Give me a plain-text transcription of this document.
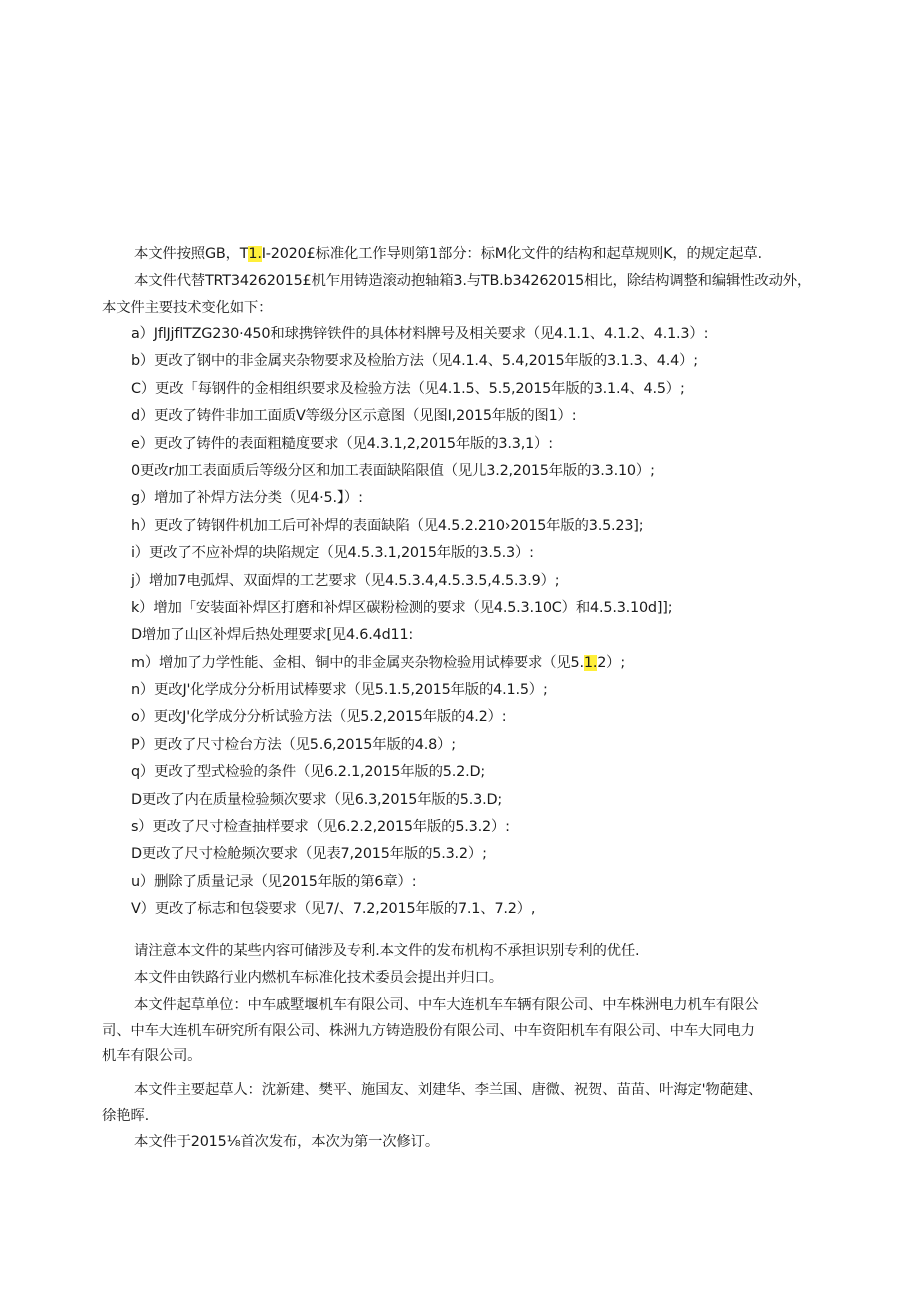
本文件按照GB，T1.I-2020£标准化工作导则第1部分：标M化文件的结构和起草规则K，的规定起草.

本文件代替TRT34262015£机乍用铸造滚动抱轴箱3.与TB.b34262015相比，除结构调整和编辑性改动外，

本文件主要技术变化如下：

a）JflJjflTZG230·450和球携锌铁件的具体材料牌号及相关要求（见4.1.1、4.1.2、4.1.3）:

b）更改了钢中的非金属夹杂物要求及检胎方法（见4.1.4、5.4,2015年版的3.1.3、4.4）;

C）更改「每钢件的金相组织要求及检验方法（见4.1.5、5.5,2015年版的3.1.4、4.5）;

d）更改了铸件非加工面质V等级分区示意图（见图I,2015年版的图1）:

e）更改了铸件的表面粗糙度要求（见4.3.1,2,2015年版的3.3,1）:

0更改r加工表面质后等级分区和加工表面缺陷限值（见儿3.2,2015年版的3.3.10）;

g）增加了补焊方法分类（见4·5.】）:

h）更改了铸钢件机加工后可补焊的表面缺陷（见4.5.2.210›2015年版的3.5.23];

i）更改了不应补焊的块陷规定（见4.5.3.1,2015年版的3.5.3）:

j）增加7电弧焊、双面焊的工艺要求（见4.5.3.4,4.5.3.5,4.5.3.9）;

k）增加「安装面补焊区打磨和补焊区碳粉检测的要求（见4.5.3.10C）和4.5.3.10d]];

D增加了山区补焊后热处理要求[见4.6.4d11:

m）增加了力学性能、金相、铜中的非金属夹杂物检验用试棒要求（见5.1.2）;

n）更改J'化学成分分析用试棒要求（见5.1.5,2015年版的4.1.5）;

o）更改J'化学成分分析试验方法（见5.2,2015年版的4.2）:

P）更改了尺寸检台方法（见5.6,2015年版的4.8）;

q）更改了型式检验的条件（见6.2.1,2015年版的5.2.D;

D更改了内在质量检验频次要求（见6.3,2015年版的5.3.D;

s）更改了尺寸检查抽样要求（见6.2.2,2015年版的5.3.2）:

D更改了尺寸检舱频次要求（见表7,2015年版的5.3.2）;

u）删除了质量记录（见2015年版的第6章）:

V）更改了标志和包袋要求（见7/、7.2,2015年版的7.1、7.2）,

请注意本文件的某些内容可储涉及专利.本文件的发布机构不承担识别专利的优任.

本文件由铁路行业内燃机车标准化技术委员会提出并归口。

本文件起草单位：中车戚墅堰机车有限公司、中车大连机车车辆有限公司、中车株洲电力机车有限公

司、中车大连机车研究所有限公司、株洲九方铸造股份有限公司、中车资阳机车有限公司、中车大同电力

机车有限公司。

本文件主要起草人：沈新建、樊平、施国友、刘建华、李兰国、唐微、祝贺、苗苗、叶海定'物葩建、

徐艳晖.

本文件于2015⅛首次发布，本次为第一次修订。
